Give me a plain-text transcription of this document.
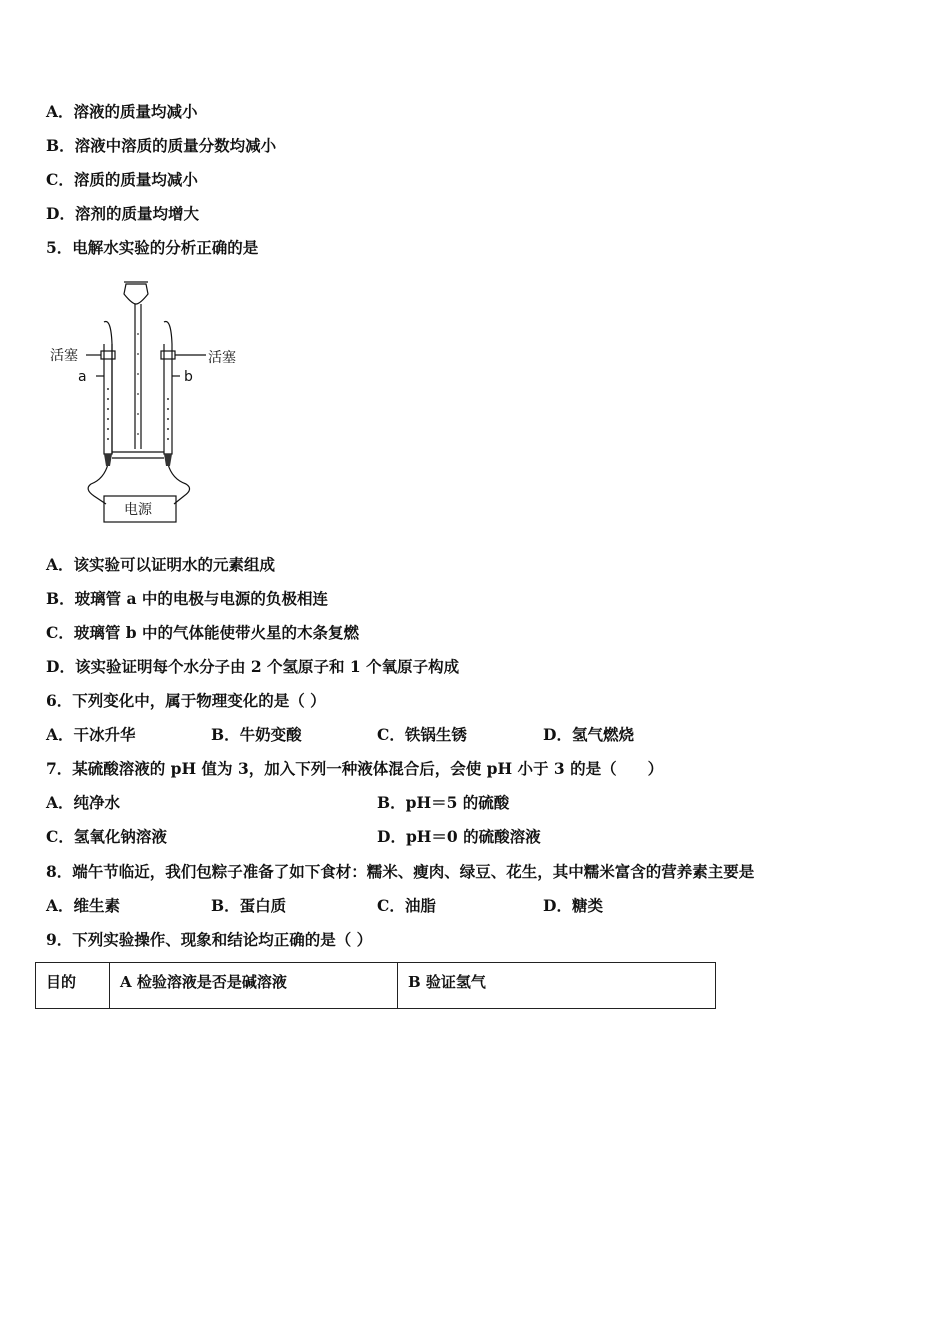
A．溶液的质量均减小
B．溶液中溶质的质量分数均减小
C．溶质的质量均减小
D．溶剂的质量均增大
5．电解水实验的分析正确的是
活塞	活塞
a	b
电源
A．该实验可以证明水的元素组成
B．玻璃管 a 中的电极与电源的负极相连
C．玻璃管 b 中的气体能使带火星的木条复燃
D．该实验证明每个水分子由 2 个氢原子和 1 个氧原子构成
6．下列变化中，属于物理变化的是（ ）
A．干冰升华	B．牛奶变酸	C．铁锅生锈	D．氢气燃烧
7．某硫酸溶液的 pH 值为 3，加入下列一种液体混合后，会使 pH 小于 3 的是（　　）
A．纯净水	B．pH＝5 的硫酸
C．氢氧化钠溶液	D．pH＝0 的硫酸溶液
8．端午节临近，我们包粽子准备了如下食材：糯米、瘦肉、绿豆、花生，其中糯米富含的营养素主要是
A．维生素	B．蛋白质	C．油脂	D．糖类
9．下列实验操作、现象和结论均正确的是（ ）
目的	A 检验溶液是否是碱溶液	B 验证氢气
